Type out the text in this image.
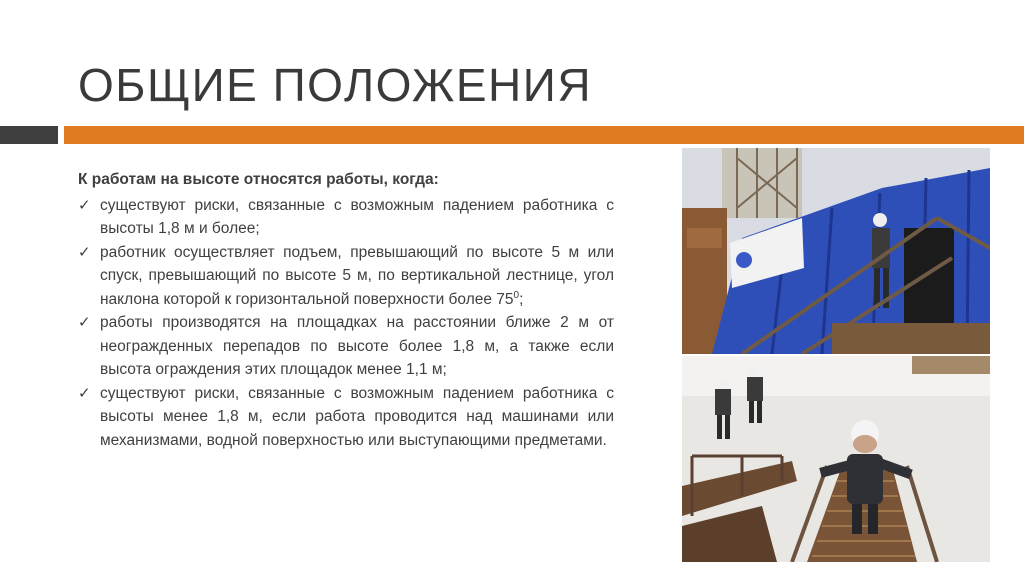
ОБЩИЕ ПОЛОЖЕНИЯ

К работам на высоте относятся работы, когда:

✓ существуют риски, связанные с возможным падением работника с высоты 1,8 м и более;
✓ работник осуществляет подъем, превышающий по высоте 5 м или спуск, превышающий по высоте 5 м, по вертикальной лестнице, угол наклона которой к горизонтальной поверхности более $75^0$;
✓ работы производятся на площадках на расстоянии ближе 2 м от неогражденных перепадов по высоте более 1,8 м, а также если высота ограждения этих площадок менее 1,1 м;
✓ существуют риски, связанные с возможным падением работника с высоты менее 1,8 м, если работа проводится над машинами или механизмами, водной поверхностью или выступающими предметами.
